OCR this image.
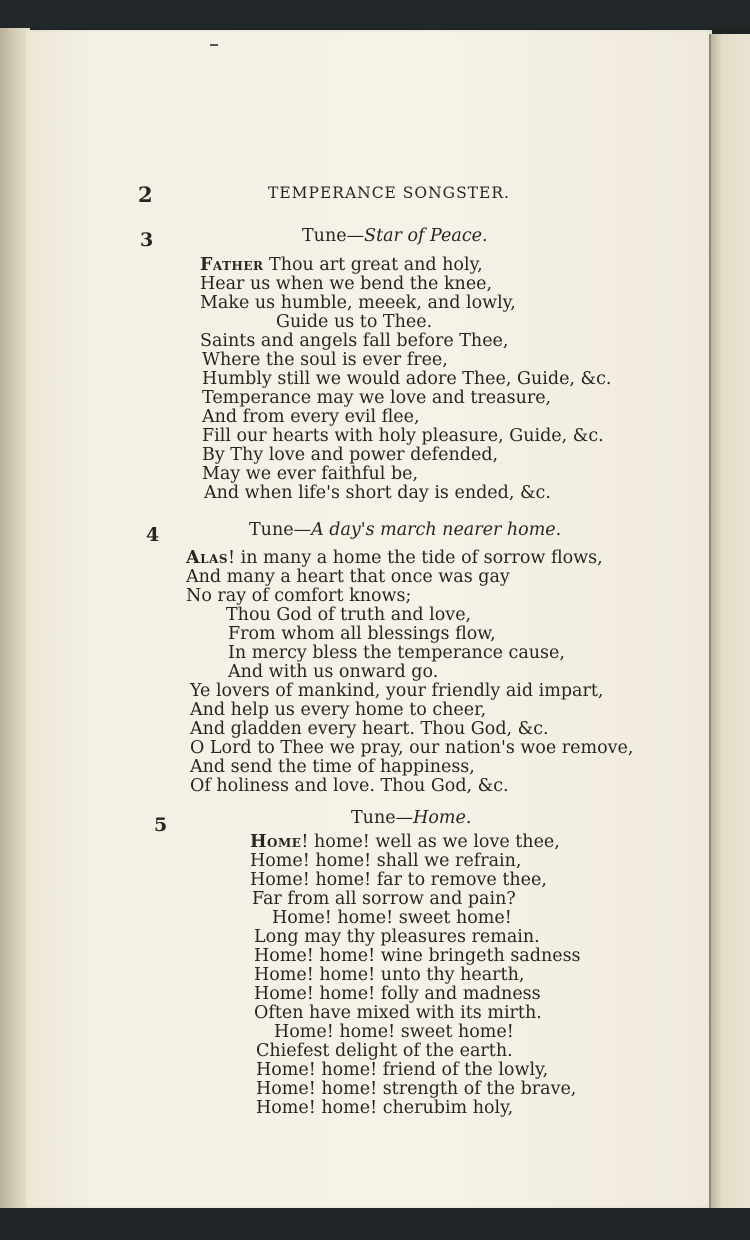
2	TEMPERANCE SONGSTER.
3	Tune—Star of Peace.
Father Thou art great and holy,
Hear us when we bend the knee,
Make us humble, meeek, and lowly,
Guide us to Thee.
Saints and angels fall before Thee,
Where the soul is ever free,
Humbly still we would adore Thee, Guide, &c.
Temperance may we love and treasure,
And from every evil flee,
Fill our hearts with holy pleasure, Guide, &c.
By Thy love and power defended,
May we ever faithful be,
And when life's short day is ended, &c.
4	Tune—A day's march nearer home.
Alas! in many a home the tide of sorrow flows,
And many a heart that once was gay
No ray of comfort knows;
Thou God of truth and love,
From whom all blessings flow,
In mercy bless the temperance cause,
And with us onward go.
Ye lovers of mankind, your friendly aid impart,
And help us every home to cheer,
And gladden every heart. Thou God, &c.
O Lord to Thee we pray, our nation's woe remove,
And send the time of happiness,
Of holiness and love. Thou God, &c.
5	Tune—Home.
Home! home! well as we love thee,
Home! home! shall we refrain,
Home! home! far to remove thee,
Far from all sorrow and pain?
Home! home! sweet home!
Long may thy pleasures remain.
Home! home! wine bringeth sadness
Home! home! unto thy hearth,
Home! home! folly and madness
Often have mixed with its mirth.
Home! home! sweet home!
Chiefest delight of the earth.
Home! home! friend of the lowly,
Home! home! strength of the brave,
Home! home! cherubim holy,
